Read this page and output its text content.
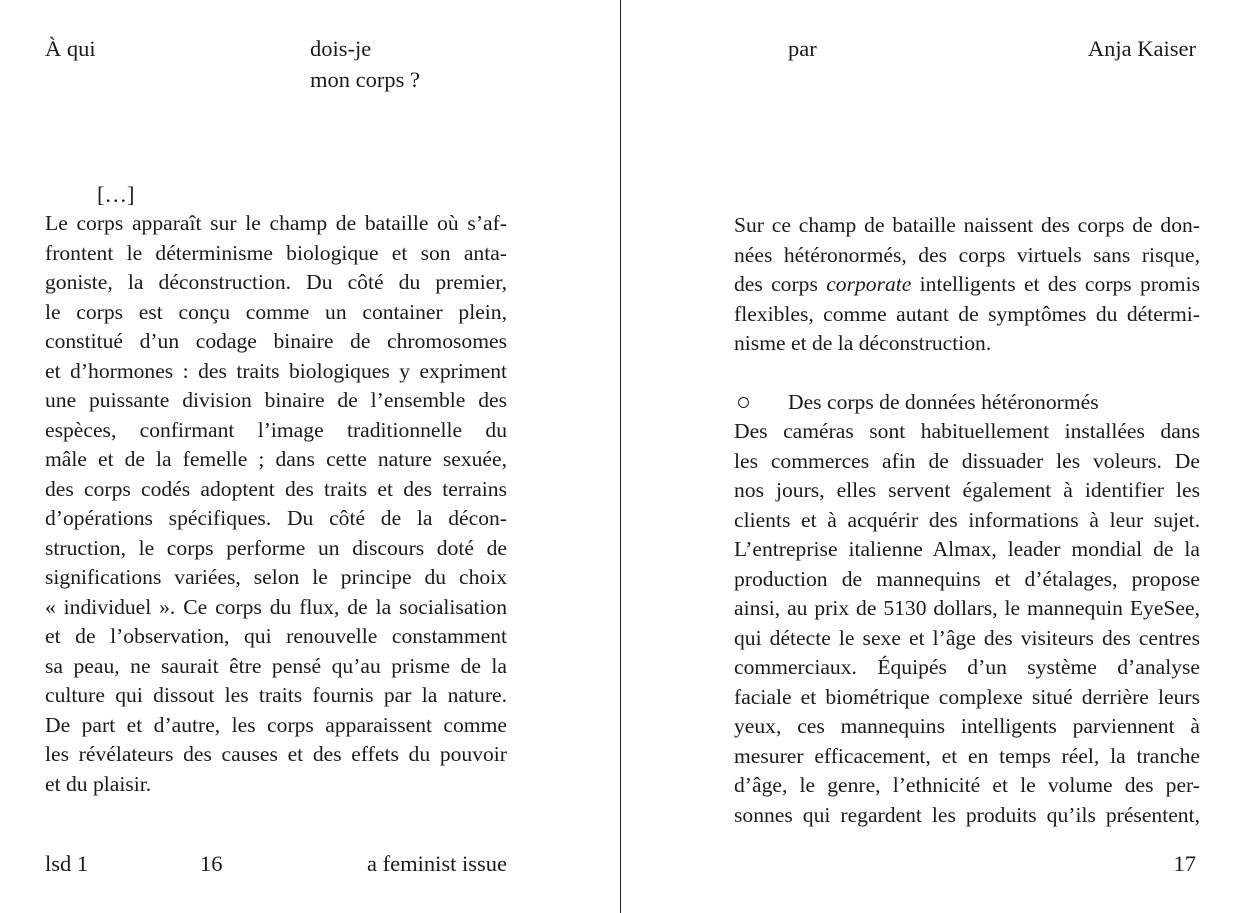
À qui	dois-je
mon corps ?
[…]
Le corps apparaît sur le champ de bataille où s’af-
frontent le déterminisme biologique et son anta-
goniste, la déconstruction. Du côté du premier,
le corps est conçu comme un container plein,
constitué d’un codage binaire de chromosomes
et d’hormones : des traits biologiques y expriment
une puissante division binaire de l’ensemble des
espèces, confirmant l’image traditionnelle du
mâle et de la femelle ; dans cette nature sexuée,
des corps codés adoptent des traits et des terrains
d’opérations spécifiques. Du côté de la décon-
struction, le corps performe un discours doté de
significations variées, selon le principe du choix
« individuel ». Ce corps du flux, de la socialisation
et de l’observation, qui renouvelle constamment
sa peau, ne saurait être pensé qu’au prisme de la
culture qui dissout les traits fournis par la nature.
De part et d’autre, les corps apparaissent comme
les révélateurs des causes et des effets du pouvoir
et du plaisir.
lsd 1	16	a feminist issue
par	Anja Kaiser
Sur ce champ de bataille naissent des corps de don-
nées hétéronormés, des corps virtuels sans risque,
des corps corporate intelligents et des corps promis
flexibles, comme autant de symptômes du détermi-
nisme et de la déconstruction.
Des corps de données hétéronormés
Des caméras sont habituellement installées dans
les commerces afin de dissuader les voleurs. De
nos jours, elles servent également à identifier les
clients et à acquérir des informations à leur sujet.
L’entreprise italienne Almax, leader mondial de la
production de mannequins et d’étalages, propose
ainsi, au prix de 5130 dollars, le mannequin EyeSee,
qui détecte le sexe et l’âge des visiteurs des centres
commerciaux. Équipés d’un système d’analyse
faciale et biométrique complexe situé derrière leurs
yeux, ces mannequins intelligents parviennent à
mesurer efficacement, et en temps réel, la tranche
d’âge, le genre, l’ethnicité et le volume des per-
sonnes qui regardent les produits qu’ils présentent,
17
